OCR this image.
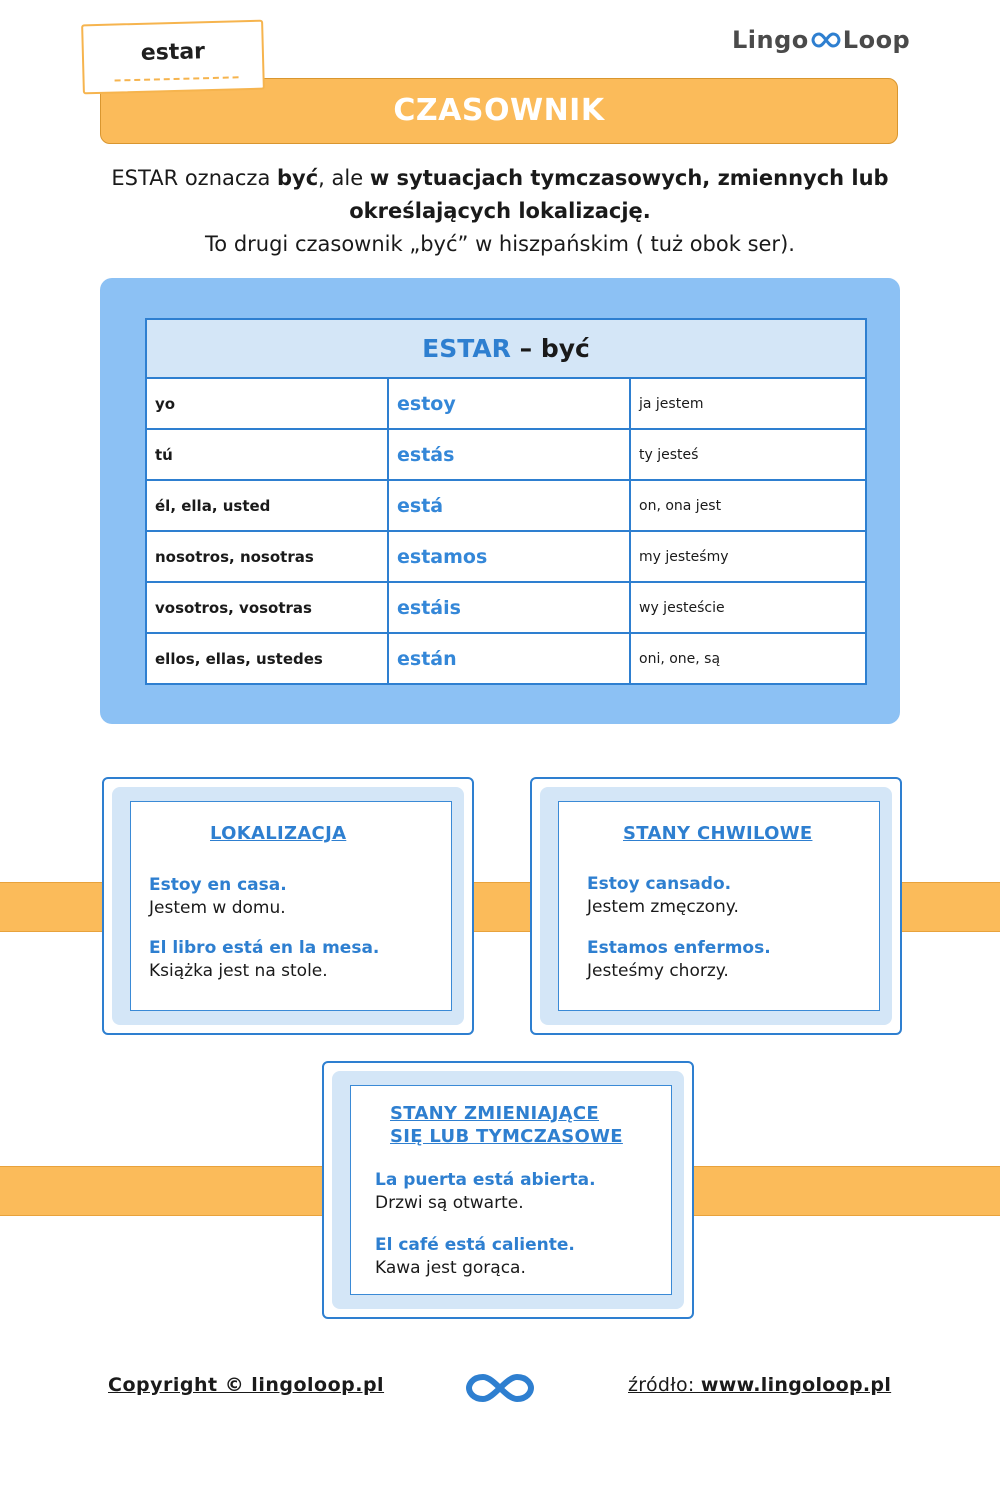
estar	Lingo Loop
CZASOWNIK
ESTAR oznacza być, ale w sytuacjach tymczasowych, zmiennych lub
określających lokalizację.
To drugi czasownik „być” w hiszpańskim ( tuż obok ser).
ESTAR – być		
yo	estoy	ja jestem
tú	estás	ty jesteś
él, ella, usted	está	on, ona jest
nosotros, nosotras	estamos	my jesteśmy
vosotros, vosotras	estáis	wy jesteście
ellos, ellas, ustedes	están	oni, one, są
LOKALIZACJA
Estoy en casa.
Jestem w domu.
El libro está en la mesa.
Książka jest na stole.
STANY CHWILOWE
Estoy cansado.
Jestem zmęczony.
Estamos enfermos.
Jesteśmy chorzy.
STANY ZMIENIAJĄCE
SIĘ LUB TYMCZASOWE
La puerta está abierta.
Drzwi są otwarte.
El café está caliente.
Kawa jest gorąca.
Copyright © lingoloop.pl	źródło: www.lingoloop.pl
